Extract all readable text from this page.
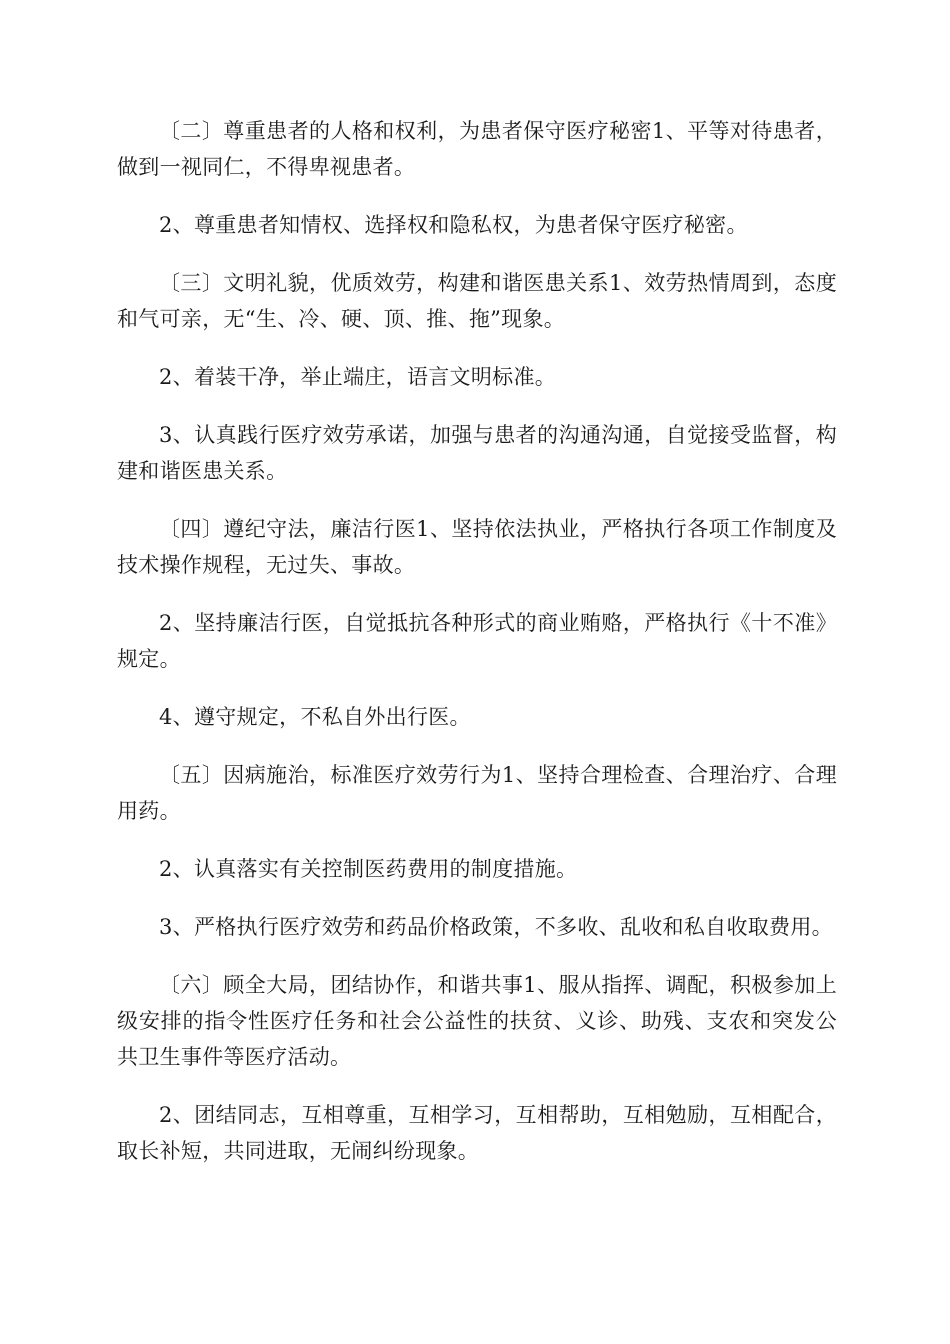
〔二〕尊重患者的人格和权利，为患者保守医疗秘密1、平等对待患者，做到一视同仁，不得卑视患者。

2、尊重患者知情权、选择权和隐私权，为患者保守医疗秘密。

〔三〕文明礼貌，优质效劳，构建和谐医患关系1、效劳热情周到，态度和气可亲，无“生、冷、硬、顶、推、拖”现象。

2、着装干净，举止端庄，语言文明标准。

3、认真践行医疗效劳承诺，加强与患者的沟通沟通，自觉接受监督，构建和谐医患关系。

〔四〕遵纪守法，廉洁行医1、坚持依法执业，严格执行各项工作制度及技术操作规程，无过失、事故。

2、坚持廉洁行医，自觉抵抗各种形式的商业贿赂，严格执行《十不准》规定。

4、遵守规定，不私自外出行医。

〔五〕因病施治，标准医疗效劳行为1、坚持合理检查、合理治疗、合理用药。

2、认真落实有关控制医药费用的制度措施。

3、严格执行医疗效劳和药品价格政策，不多收、乱收和私自收取费用。

〔六〕顾全大局，团结协作，和谐共事1、服从指挥、调配，积极参加上级安排的指令性医疗任务和社会公益性的扶贫、义诊、助残、支农和突发公共卫生事件等医疗活动。

2、团结同志，互相尊重，互相学习，互相帮助，互相勉励，互相配合，取长补短，共同进取，无闹纠纷现象。
